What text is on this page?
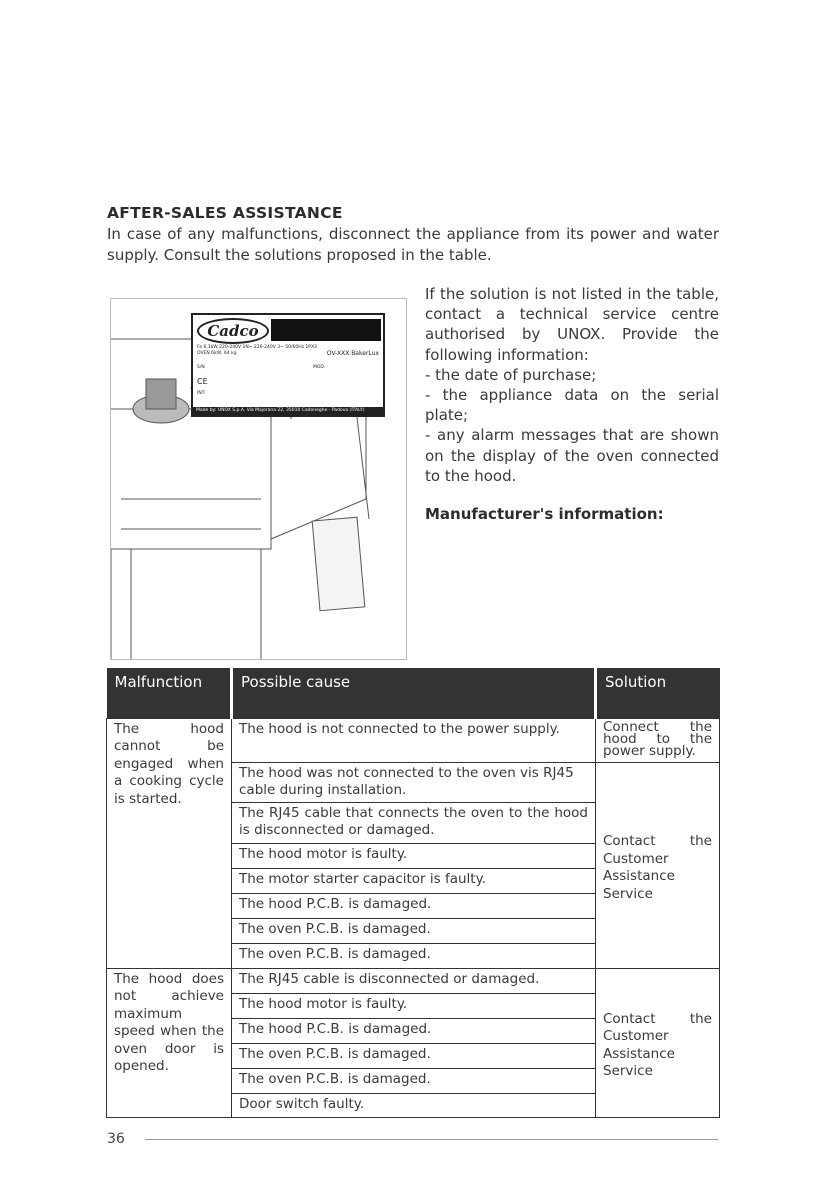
AFTER-SALES ASSISTANCE
In case of any malfunctions, disconnect the appliance from its power and water supply. Consult the solutions proposed in the table.
Cadco
Fe 6,1kW 220-240V 1N~ 220-240V 3~ 50/60Hz 1PX3
OVEN 6kW, 64 kg	OV-XXX BakerLux
S/N	MOD.
CE
INT:
Made by: UNOX S.p.A. Via Majorana 22, 35010 Cadoneghe - Padova (ITALY)

If the solution is not listed in the table, contact a technical service centre authorised by UNOX. Provide the following information:

- the date of purchase;

- the appliance data on the serial plate;

- any alarm messages that are shown on the display of the oven connected to the hood.

Manufacturer's information:
Malfunction	Possible cause	Solution
The hood cannot be engaged when a cooking cycle is started.	The hood is not connected to the power supply.	Connect the hood to the power supply.
	The hood was not connected to the oven vis RJ45 cable during installation.	Contact the Customer Assistance Service
	The RJ45 cable that connects the oven to the hood is disconnected or damaged.	
	The hood motor is faulty.	
	The motor starter capacitor is faulty.	
	The hood P.C.B. is damaged.	
	The oven P.C.B. is damaged.	
	The oven P.C.B. is damaged.	
The hood does not achieve maximum speed when the oven door is opened.	The RJ45 cable is disconnected or damaged.	Contact the Customer Assistance Service
	The hood motor is faulty.	
	The hood P.C.B. is damaged.	
	The oven P.C.B. is damaged.	
	The oven P.C.B. is damaged.	
	Door switch faulty.	
36
